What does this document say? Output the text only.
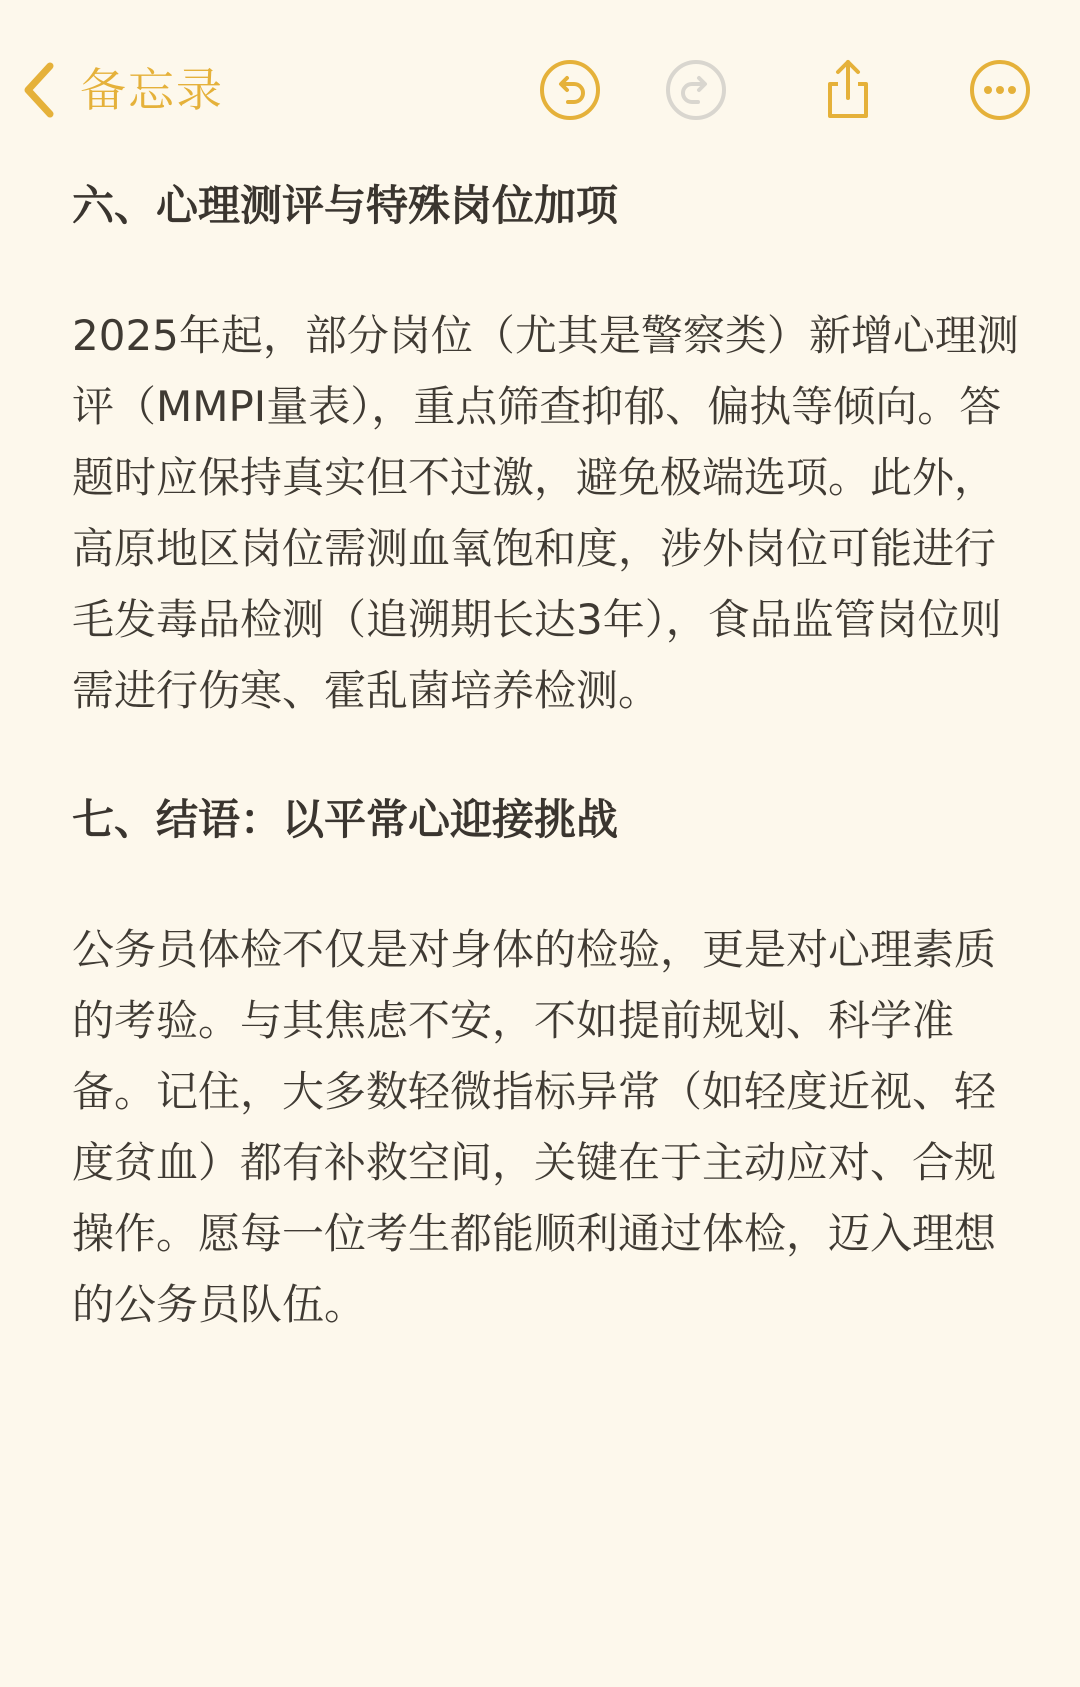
备忘录
六、心理测评与特殊岗位加项

2025年起，部分岗位（尤其是警察类）新增心理测评（MMPI量表），重点筛查抑郁、偏执等倾向。答题时应保持真实但不过激，避免极端选项。此外，高原地区岗位需测血氧饱和度，涉外岗位可能进行毛发毒品检测（追溯期长达3年），食品监管岗位则需进行伤寒、霍乱菌培养检测。

七、结语：以平常心迎接挑战

公务员体检不仅是对身体的检验，更是对心理素质的考验。与其焦虑不安，不如提前规划、科学准备。记住，大多数轻微指标异常（如轻度近视、轻度贫血）都有补救空间，关键在于主动应对、合规操作。愿每一位考生都能顺利通过体检，迈入理想的公务员队伍。
